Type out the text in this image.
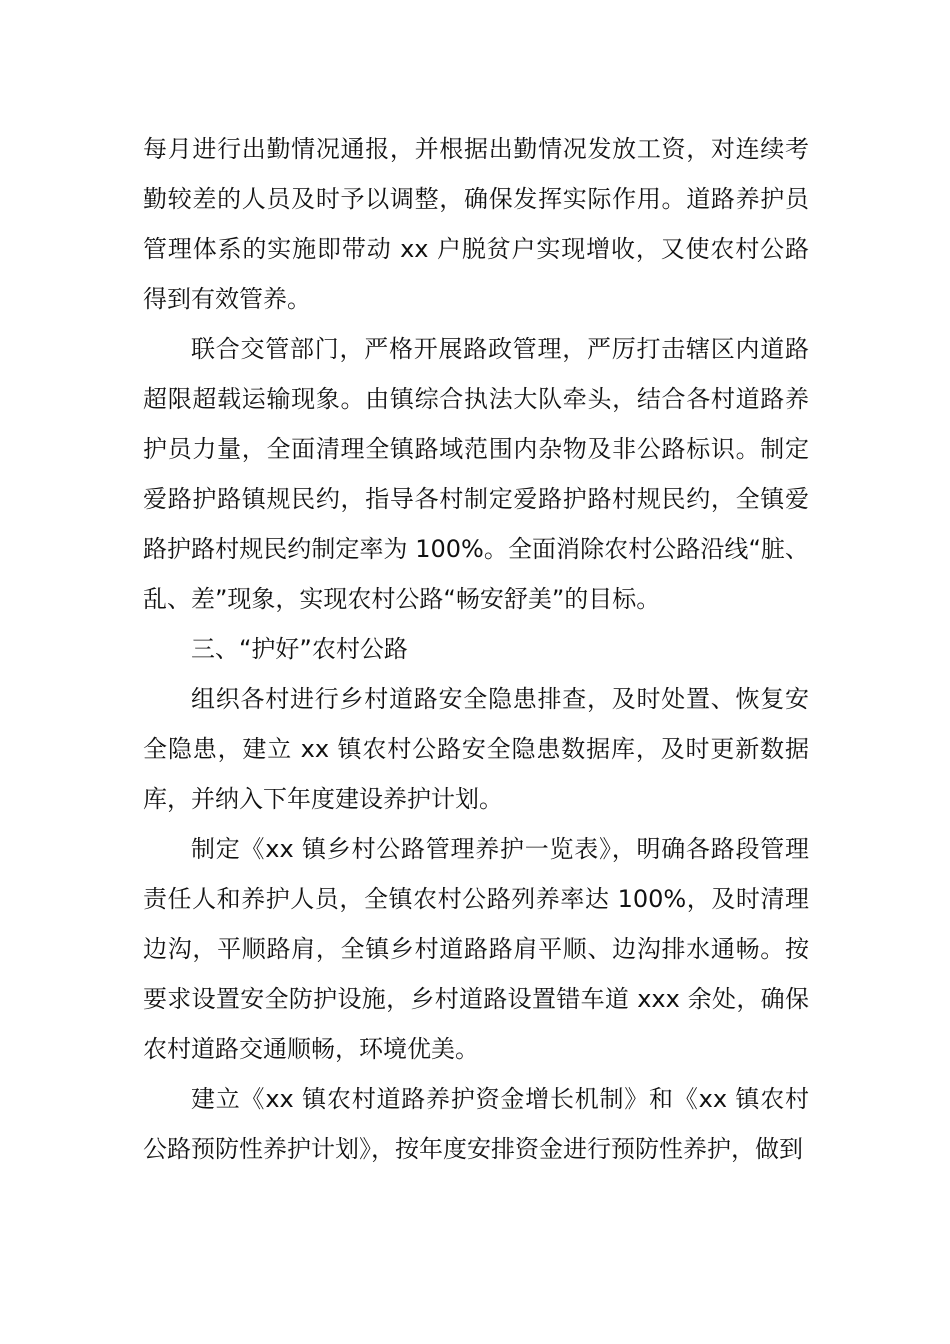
每月进行出勤情况通报，并根据出勤情况发放工资，对连续考勤较差的人员及时予以调整，确保发挥实际作用。道路养护员管理体系的实施即带动 xx 户脱贫户实现增收，又使农村公路得到有效管养。

联合交管部门，严格开展路政管理，严厉打击辖区内道路超限超载运输现象。由镇综合执法大队牵头，结合各村道路养护员力量，全面清理全镇路域范围内杂物及非公路标识。制定爱路护路镇规民约，指导各村制定爱路护路村规民约，全镇爱路护路村规民约制定率为 100%。全面消除农村公路沿线“脏、乱、差”现象，实现农村公路“畅安舒美”的目标。

三、“护好”农村公路

组织各村进行乡村道路安全隐患排查，及时处置、恢复安全隐患，建立 xx 镇农村公路安全隐患数据库，及时更新数据库，并纳入下年度建设养护计划。

制定《xx 镇乡村公路管理养护一览表》，明确各路段管理责任人和养护人员，全镇农村公路列养率达 100%，及时清理边沟，平顺路肩，全镇乡村道路路肩平顺、边沟排水通畅。按要求设置安全防护设施，乡村道路设置错车道 xxx 余处，确保农村道路交通顺畅，环境优美。

建立《xx 镇农村道路养护资金增长机制》和《xx 镇农村公路预防性养护计划》，按年度安排资金进行预防性养护，做到
